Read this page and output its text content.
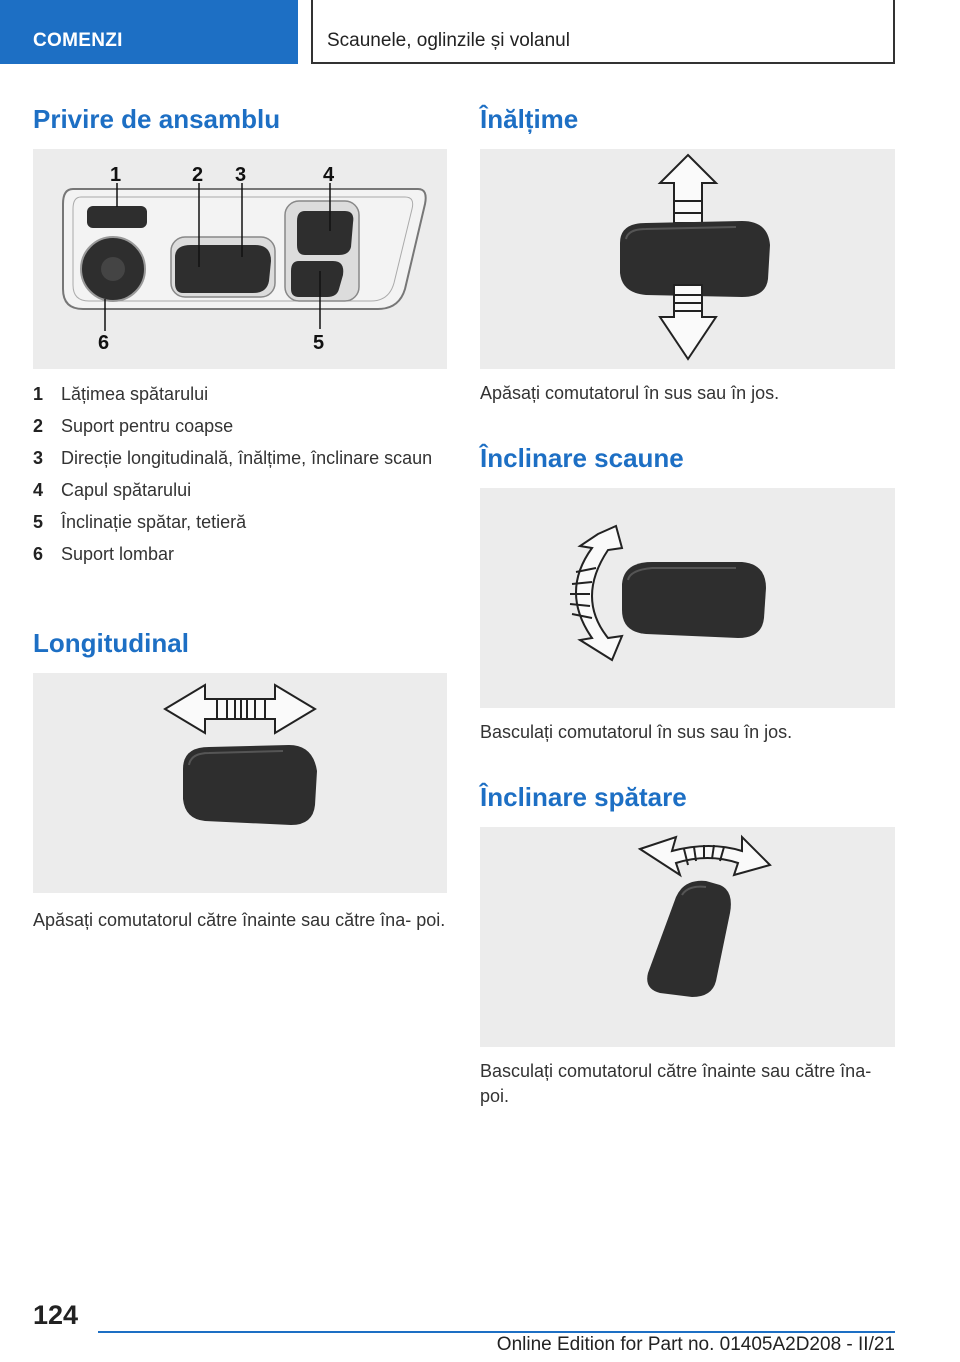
COMENZI	Scaunele, oglinzile și volanul
Privire de ansamblu
1	2 3	4
5
6
1 Lățimea spătarului
2 Suport pentru coapse
3 Direcție longitudinală, înălțime, înclinare scaun
4 Capul spătarului
5 Înclinație spătar, tetieră
6 Suport lombar
Longitudinal

Apăsați comutatorul către înainte sau către îna- poi.

Înălțime

Apăsați comutatorul în sus sau în jos.

Înclinare scaune

Basculați comutatorul în sus sau în jos.

Înclinare spătare

Basculați comutatorul către înainte sau către îna- poi.

124
Online Edition for Part no. 01405A2D208 - II/21
